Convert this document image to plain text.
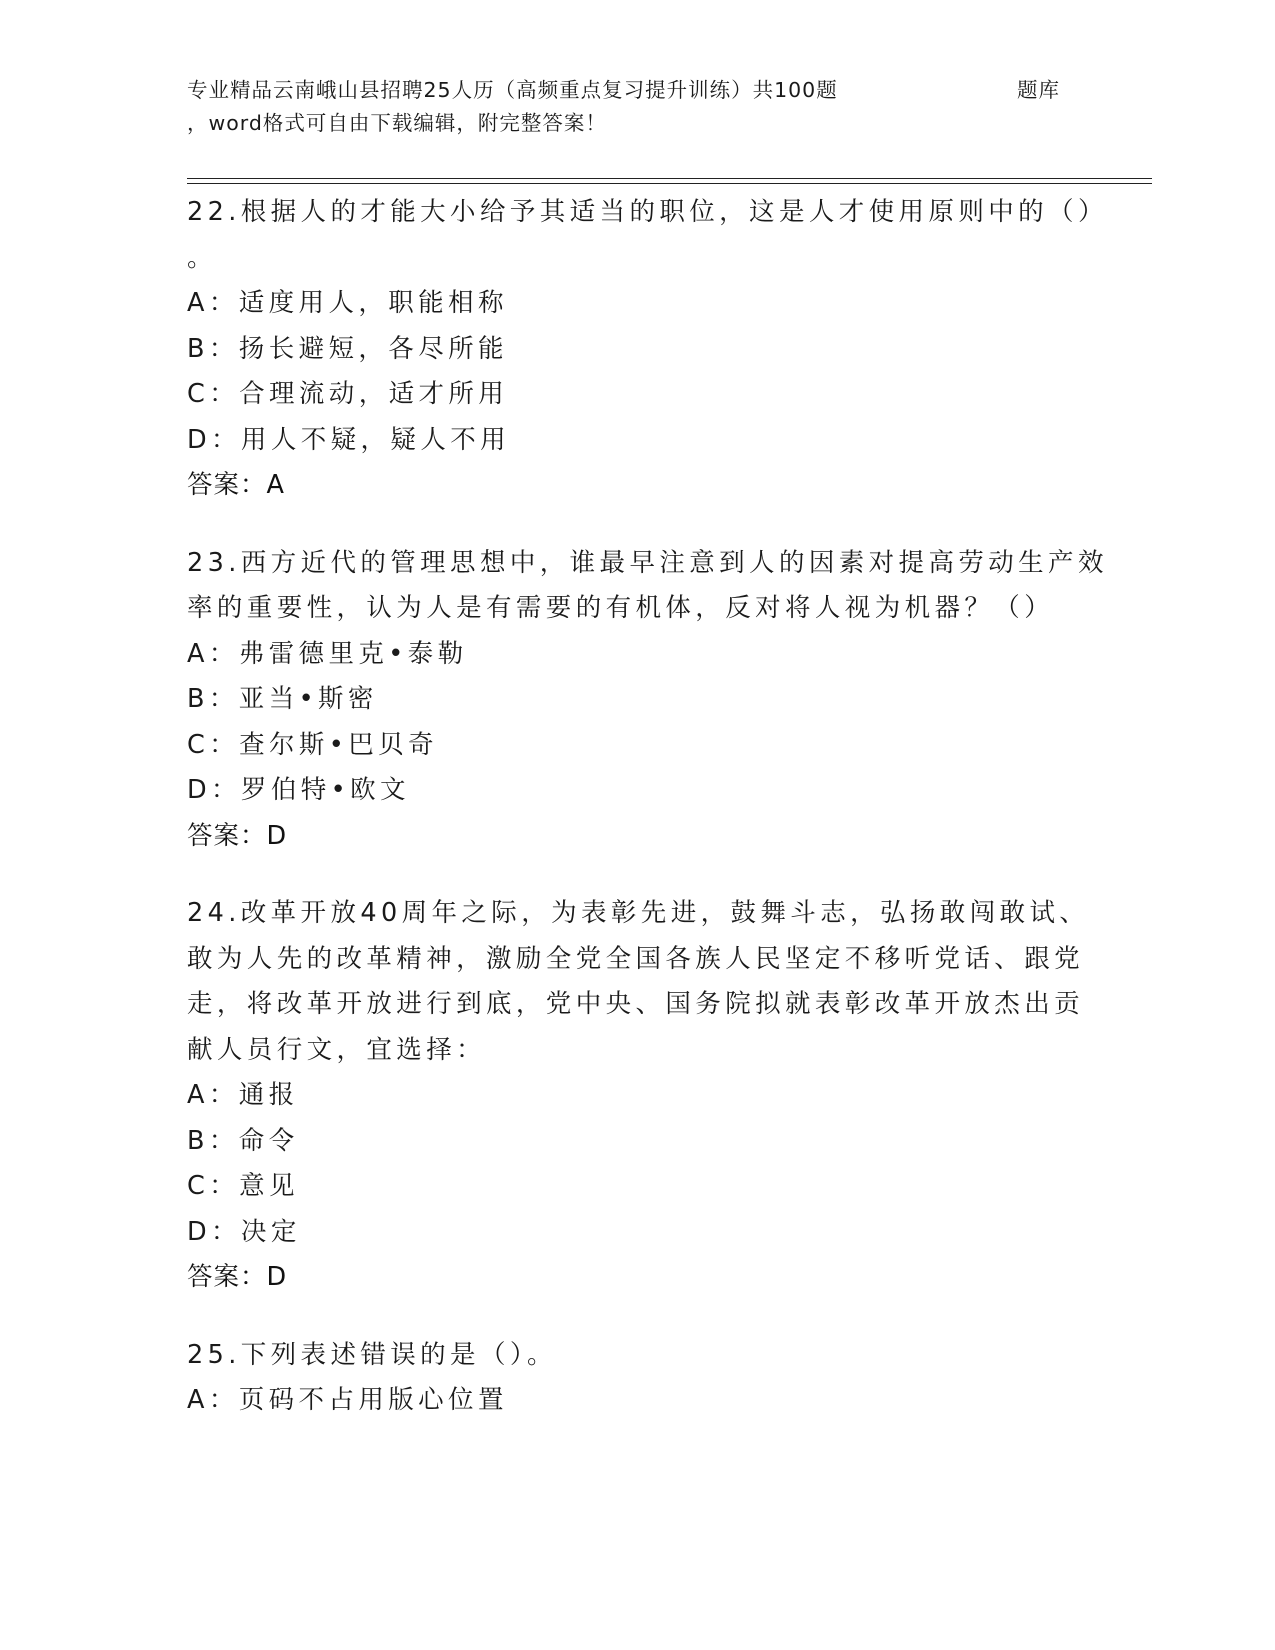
专业精品云南峨山县招聘25人历（高频重点复习提升训练）共100题	题库
，word格式可自由下载编辑，附完整答案！
22.根据人的才能大小给予其适当的职位，这是人才使用原则中的（）
。
A：适度用人，职能相称
B：扬长避短，各尽所能
C：合理流动，适才所用
D：用人不疑，疑人不用
答案：A
23.西方近代的管理思想中，谁最早注意到人的因素对提高劳动生产效
率的重要性，认为人是有需要的有机体，反对将人视为机器？（）
A：弗雷德里克•泰勒
B：亚当•斯密
C：查尔斯•巴贝奇
D：罗伯特•欧文
答案：D
24.改革开放40周年之际，为表彰先进，鼓舞斗志，弘扬敢闯敢试、
敢为人先的改革精神，激励全党全国各族人民坚定不移听党话、跟党
走，将改革开放进行到底，党中央、国务院拟就表彰改革开放杰出贡
献人员行文，宜选择：
A：通报
B：命令
C：意见
D：决定
答案：D
25.下列表述错误的是（）。
A：页码不占用版心位置
